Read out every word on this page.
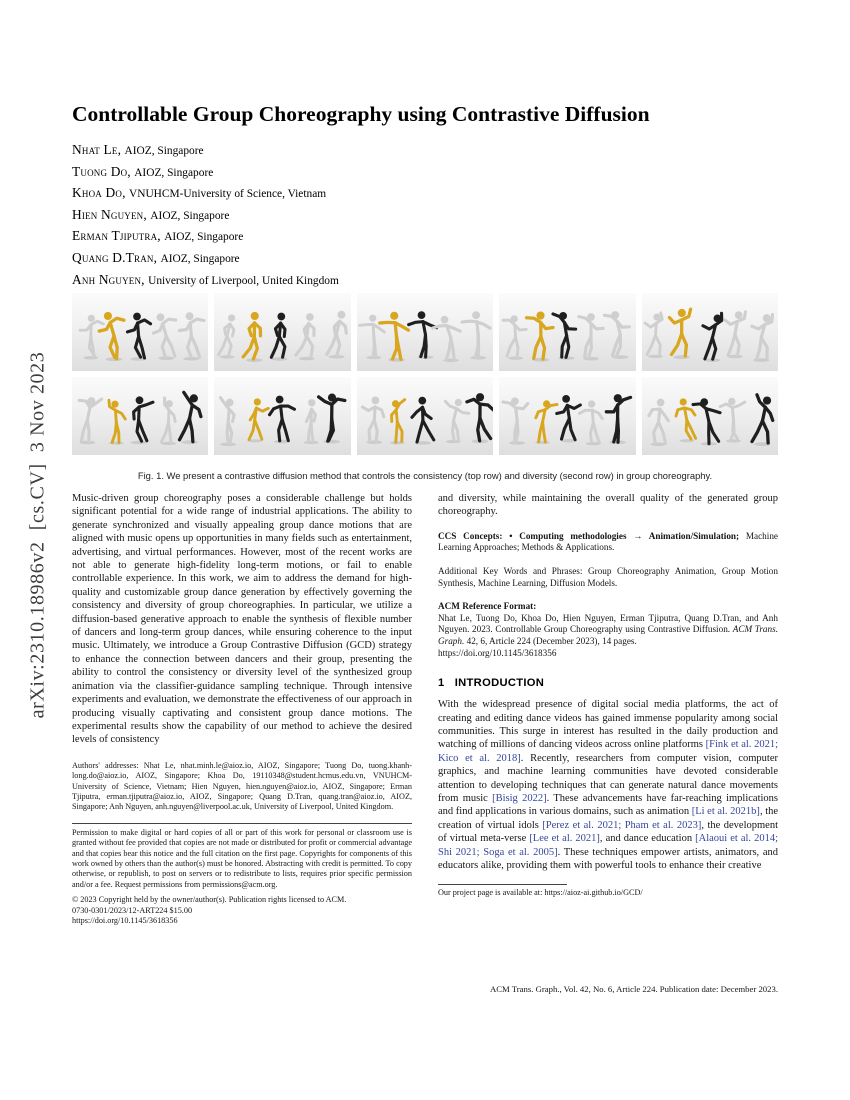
arXiv:2310.18986v2  [cs.CV]  3 Nov 2023
Controllable Group Choreography using Contrastive Diffusion
Nhat Le, AIOZ, Singapore
Tuong Do, AIOZ, Singapore
Khoa Do, VNUHCM-University of Science, Vietnam
Hien Nguyen, AIOZ, Singapore
Erman Tjiputra, AIOZ, Singapore
Quang D.Tran, AIOZ, Singapore
Anh Nguyen, University of Liverpool, United Kingdom
Fig. 1. We present a contrastive diffusion method that controls the consistency (top row) and diversity (second row) in group choreography.

Music-driven group choreography poses a considerable challenge but holds significant potential for a wide range of industrial applications. The ability to generate synchronized and visually appealing group dance motions that are aligned with music opens up opportunities in many fields such as entertainment, advertising, and virtual performances. However, most of the recent works are not able to generate high-fidelity long-term motions, or fail to enable controllable experience. In this work, we aim to address the demand for high-quality and customizable group dance generation by effectively governing the consistency and diversity of group choreographies. In particular, we utilize a diffusion-based generative approach to enable the synthesis of flexible number of dancers and long-term group dances, while ensuring coherence to the input music. Ultimately, we introduce a Group Contrastive Diffusion (GCD) strategy to enhance the connection between dancers and their group, presenting the ability to control the consistency or diversity level of the synthesized group animation via the classifier-guidance sampling technique. Through intensive experiments and evaluation, we demonstrate the effectiveness of our approach in producing visually captivating and consistent group dance motions. The experimental results show the capability of our method to achieve the desired levels of consistency

Authors' addresses: Nhat Le, nhat.minh.le@aioz.io, AIOZ, Singapore; Tuong Do, tuong.khanh-long.do@aioz.io, AIOZ, Singapore; Khoa Do, 19110348@student.hcmus.edu.vn, VNUHCM-University of Science, Vietnam; Hien Nguyen, hien.nguyen@aioz.io, AIOZ, Singapore; Erman Tjiputra, erman.tjiputra@aioz.io, AIOZ, Singapore; Quang D.Tran, quang.tran@aioz.io, AIOZ, Singapore; Anh Nguyen, anh.nguyen@liverpool.ac.uk, University of Liverpool, United Kingdom.

Permission to make digital or hard copies of all or part of this work for personal or classroom use is granted without fee provided that copies are not made or distributed for profit or commercial advantage and that copies bear this notice and the full citation on the first page. Copyrights for components of this work owned by others than the author(s) must be honored. Abstracting with credit is permitted. To copy otherwise, or republish, to post on servers or to redistribute to lists, requires prior specific permission and/or a fee. Request permissions from permissions@acm.org.

© 2023 Copyright held by the owner/author(s). Publication rights licensed to ACM.

0730-0301/2023/12-ART224 $15.00

https://doi.org/10.1145/3618356

and diversity, while maintaining the overall quality of the generated group choreography.

CCS Concepts: • Computing methodologies → Animation/Simulation; Machine Learning Approaches; Methods & Applications.

Additional Key Words and Phrases: Group Choreography Animation, Group Motion Synthesis, Machine Learning, Diffusion Models.

ACM Reference Format:

Nhat Le, Tuong Do, Khoa Do, Hien Nguyen, Erman Tjiputra, Quang D.Tran, and Anh Nguyen. 2023. Controllable Group Choreography using Contrastive Diffusion. ACM Trans. Graph. 42, 6, Article 224 (December 2023), 14 pages.
https://doi.org/10.1145/3618356

1 INTRODUCTION

With the widespread presence of digital social media platforms, the act of creating and editing dance videos has gained immense popularity among social communities. This surge in interest has resulted in the daily production and watching of millions of dancing videos across online platforms [Fink et al. 2021; Kico et al. 2018]. Recently, researchers from computer vision, computer graphics, and machine learning communities have devoted considerable attention to developing techniques that can generate natural dance movements from music [Bisig 2022]. These advancements have far-reaching implications and find applications in various domains, such as animation [Li et al. 2021b], the creation of virtual idols [Perez et al. 2021; Pham et al. 2023], the development of virtual meta-verse [Lee et al. 2021], and dance education [Alaoui et al. 2014; Shi 2021; Soga et al. 2005]. These techniques empower artists, animators, and educators alike, providing them with powerful tools to enhance their creative

Our project page is available at: https://aioz-ai.github.io/GCD/

ACM Trans. Graph., Vol. 42, No. 6, Article 224. Publication date: December 2023.
